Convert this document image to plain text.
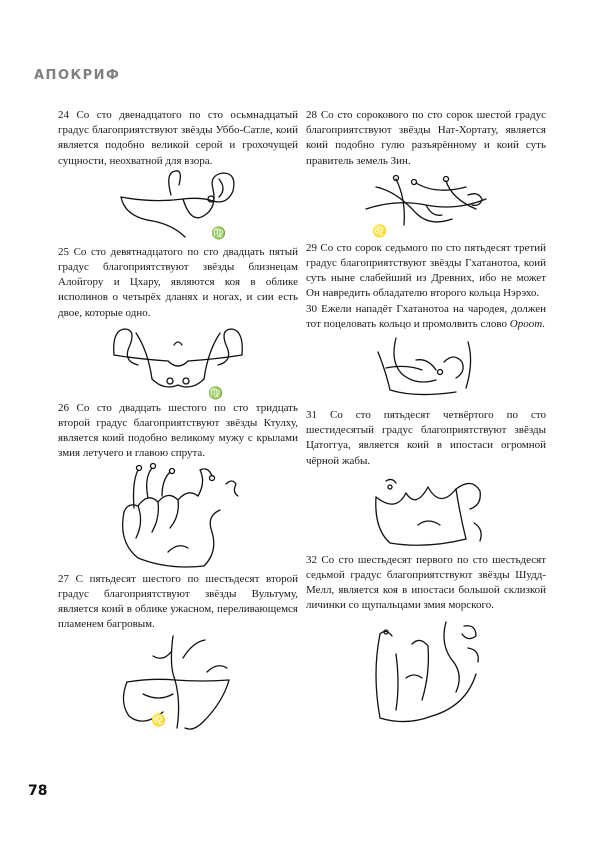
АПОКРИФ

24 Со сто двенадцатого по сто осьмнадцатый градус благоприятствуют звёзды Уббо-Сатле, коий является подобно великой серой и грохочущей сущности, неохватной для взора.

♍

25 Со сто девятнадцатого по сто двадцать пятый градус благоприятствуют звёзды близнецам Алойгору и Цхару, являются коя в облике исполинов о четырёх дланях и ногах, и сии есть двое, которые одно.

♍

26 Со сто двадцать шестого по сто тридцать второй градус благоприятствуют звёзды Ктулху, является коий подобно великому мужу с крылами змия летучего и главою спрута.

27 С пятьдесят шестого по шестьдесят второй градус благоприятствуют звёзды Вультуму, является коий в облике ужасном, переливающемся пламенем багровым.

♌

28 Со сто сорокового по сто сорок шестой градус благоприятствуют звёзды Нат-Хортату, является коий подобно гулю разъярённому и коий суть правитель земель Зин.

♌

29 Со сто сорок седьмого по сто пятьдесят третий градус благоприятствуют звёзды Гхатанотоа, коий суть ныне слабейший из Древних, ибо не может Он навредить обладателю второго кольца Нэрэхо.

30 Ежели нападёт Гхатанотоа на чародея, должен тот поцеловать кольцо и промолвить слово Ороот.

31 Со сто пятьдесят четвёртого по сто шестидесятый градус благоприятствуют звёзды Цатоггуа, является коий в ипостаси огромной чёрной жабы.

32 Со сто шестьдесят первого по сто шестьдесят седьмой градус благоприятствуют звёзды Шудд-Мелл, является коя в ипостаси большой склизкой личинки со щупальцами змия морского.

78
